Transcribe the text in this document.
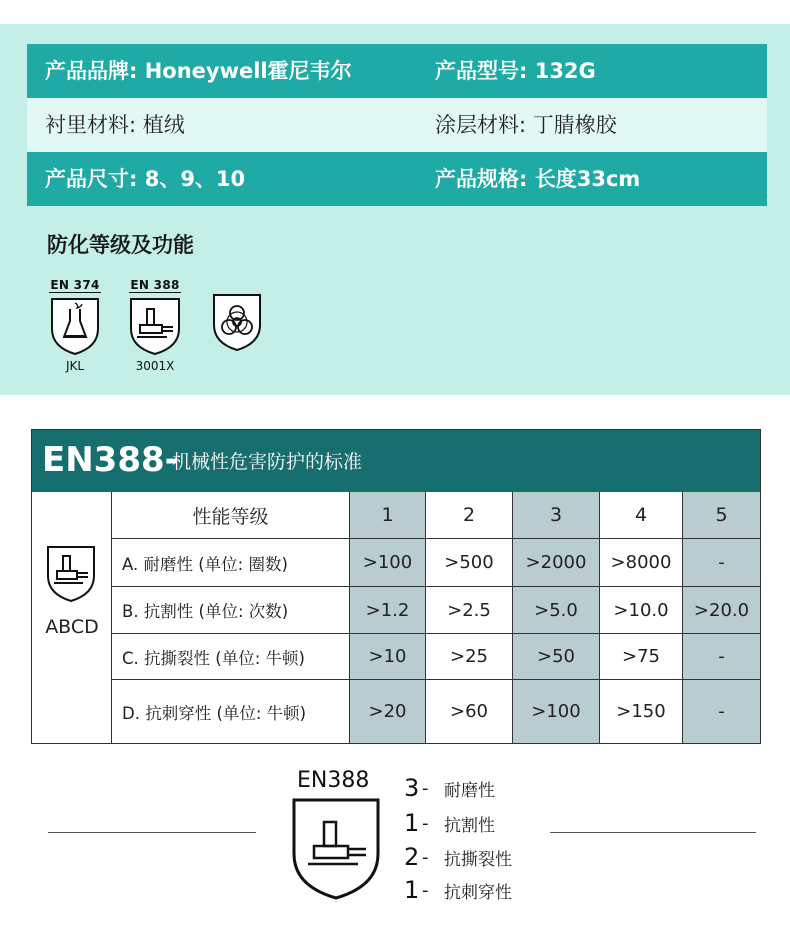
产品品牌: Honeywell霍尼韦尔	产品型号: 132G
衬里材料: 植绒	涂层材料: 丁腈橡胶
产品尺寸: 8、9、10	产品规格: 长度33cm
防化等级及功能
EN 374
JKL
EN 388
3001X
EN388-
机械性危害防护的标准
ABCD
性能等级	1	2	3	4	5
A. 耐磨性 (单位: 圈数)	>100	>500	>2000	>8000	-
B. 抗割性 (单位: 次数)	>1.2	>2.5	>5.0	>10.0	>20.0
C. 抗撕裂性 (单位: 牛顿)	>10	>25	>50	>75	-
D. 抗刺穿性 (单位: 牛顿)	>20	>60	>100	>150	-
EN388 3 - 耐磨性
1 - 抗割性
2 - 抗撕裂性
1 - 抗刺穿性
